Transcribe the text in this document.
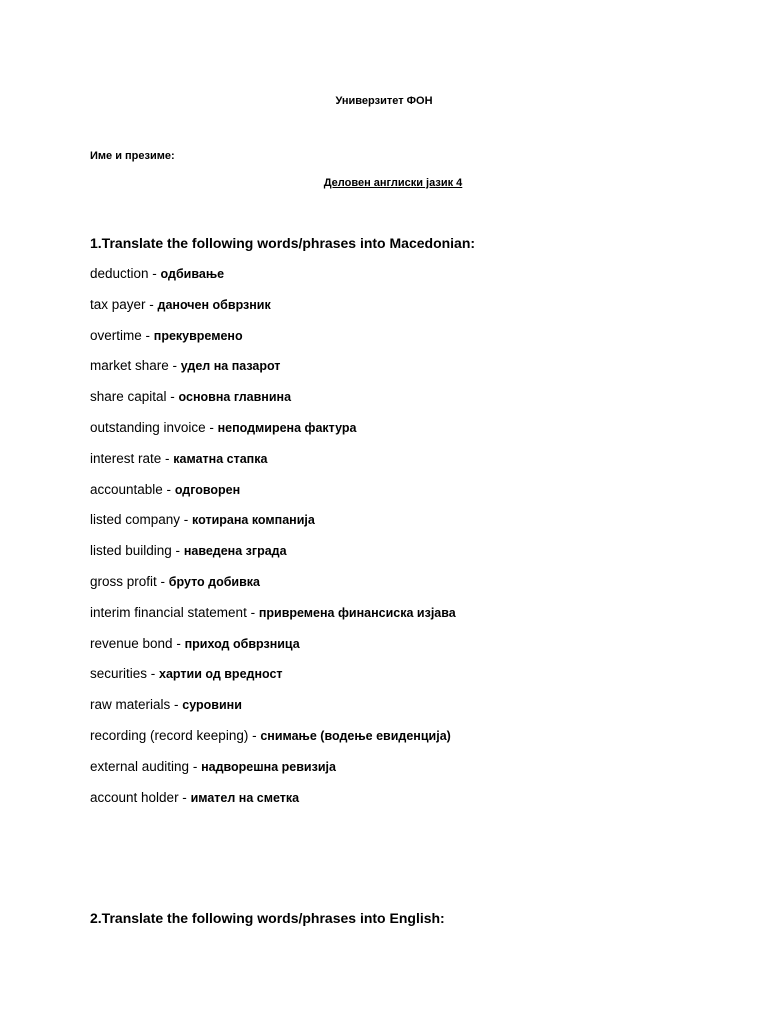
Универзитет ФОН
Име и презиме:
Деловен англиски јазик 4
1.Translate the following words/phrases into Macedonian:
deduction - одбивање
tax payer - даночен обврзник
overtime - прекувремено
market share - удел на пазарот
share capital - основна главнина
outstanding invoice - неподмирена фактура
interest rate - каматна стапка
accountable - одговорен
listed company - котирана компанија
listed building - наведена зграда
gross profit - бруто добивка
interim financial statement - привремена финансиска изјава
revenue bond - приход обврзница
securities - хартии од вредност
raw materials - суровини
recording (record keeping) - снимање (водење евиденција)
external auditing - надворешна ревизија
account holder - имател на сметка
2.Translate the following words/phrases into English:
